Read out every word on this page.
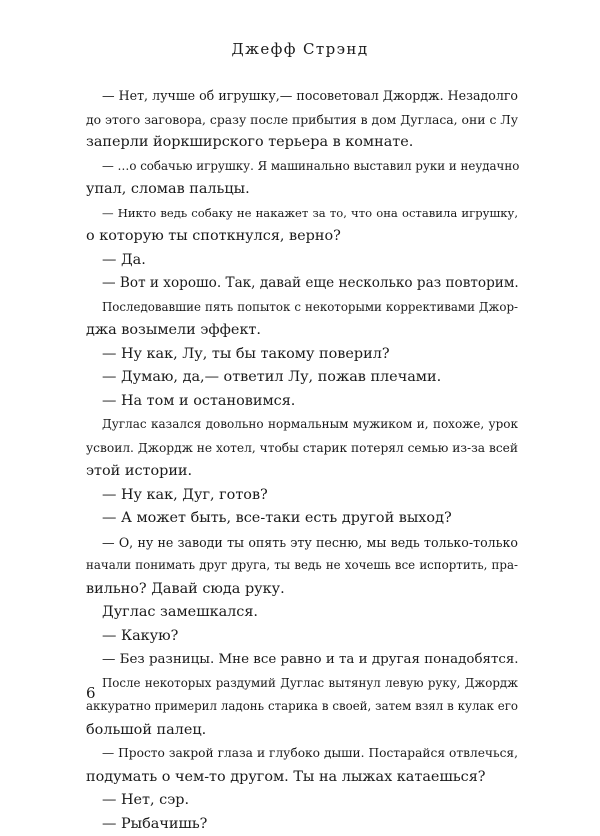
Джефф Стрэнд
— Нет, лучше об игрушку,— посоветовал Джордж. Незадолго
до этого заговора, сразу после прибытия в дом Дугласа, они с Лу
заперли йоркширского терьера в комнате.
— …о собачью игрушку. Я машинально выставил руки и неудачно
упал, сломав пальцы.
— Никто ведь собаку не накажет за то, что она оставила игрушку,
о которую ты споткнулся, верно?
— Да.
— Вот и хорошо. Так, давай еще несколько раз повторим.
Последовавшие пять попыток с некоторыми коррективами Джор-
джа возымели эффект.
— Ну как, Лу, ты бы такому поверил?
— Думаю, да,— ответил Лу, пожав плечами.
— На том и остановимся.
Дуглас казался довольно нормальным мужиком и, похоже, урок
усвоил. Джордж не хотел, чтобы старик потерял семью из-за всей
этой истории.
— Ну как, Дуг, готов?
— А может быть, все-таки есть другой выход?
— О, ну не заводи ты опять эту песню, мы ведь только-только
начали понимать друг друга, ты ведь не хочешь все испортить, пра-
вильно? Давай сюда руку.
Дуглас замешкался.
— Какую?
— Без разницы. Мне все равно и та и другая понадобятся.
После некоторых раздумий Дуглас вытянул левую руку, Джордж
аккуратно примерил ладонь старика в своей, затем взял в кулак его
большой палец.
— Просто закрой глаза и глубоко дыши. Постарайся отвлечься,
подумать о чем-то другом. Ты на лыжах катаешься?
— Нет, сэр.
— Рыбачишь?
6
